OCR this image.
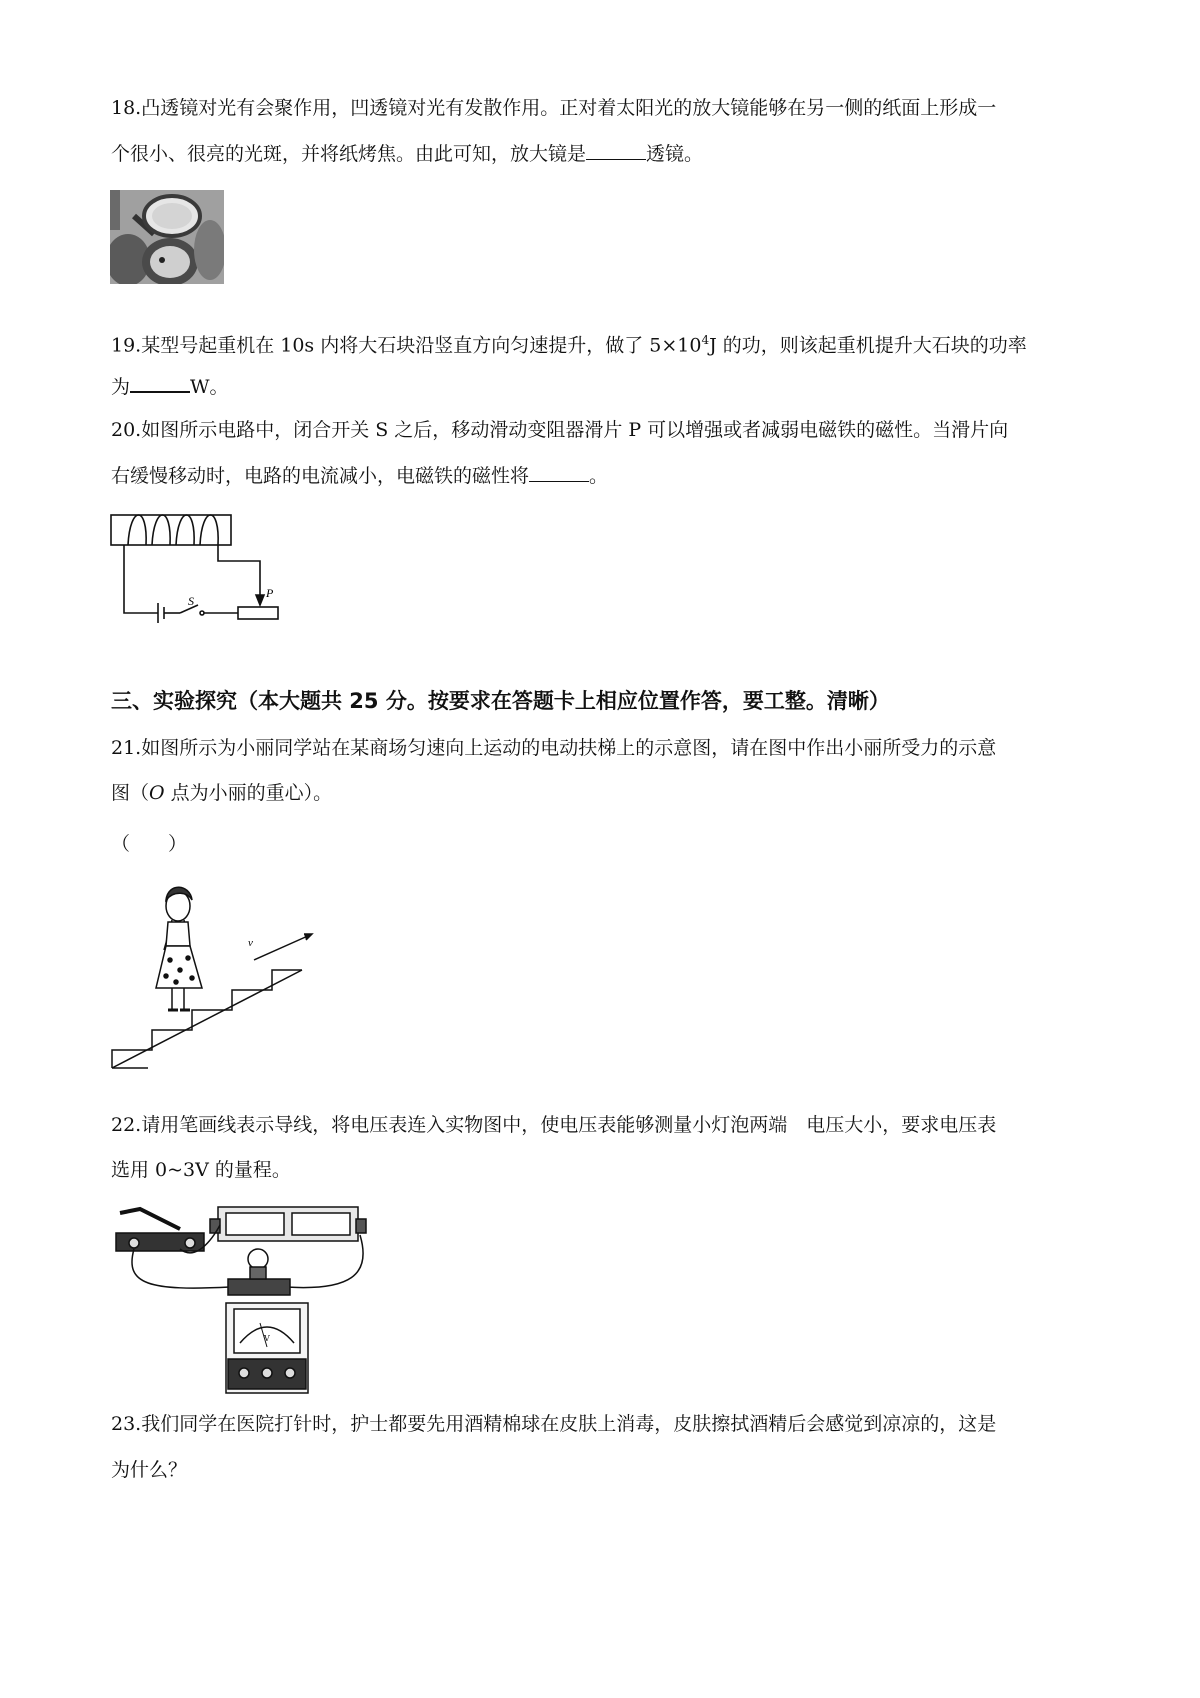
18.凸透镜对光有会聚作用，凹透镜对光有发散作用。正对着太阳光的放大镜能够在另一侧的纸面上形成一
个很小、很亮的光斑，并将纸烤焦。由此可知，放大镜是	透镜。
19.某型号起重机在 10s 内将大石块沿竖直方向匀速提升，做了 $5\times 10^4J$ 的功，则该起重机提升大石块的功率
为	W。
20.如图所示电路中，闭合开关 S 之后，移动滑动变阻器滑片 P 可以增强或者减弱电磁铁的磁性。当滑片向
右缓慢移动时，电路的电流减小，电磁铁的磁性将	。
S
P
三、实验探究（本大题共 25 分。按要求在答题卡上相应位置作答，要工整。清晰）
21.如图所示为小丽同学站在某商场匀速向上运动的电动扶梯上的示意图，请在图中作出小丽所受力的示意
图（O 点为小丽的重心）。
（　　）
v
22.请用笔画线表示导线，将电压表连入实物图中，使电压表能够测量小灯泡两端　电压大小，要求电压表
选用 0~3V 的量程。
V
23.我们同学在医院打针时，护士都要先用酒精棉球在皮肤上消毒，皮肤擦拭酒精后会感觉到凉凉的，这是
为什么？
